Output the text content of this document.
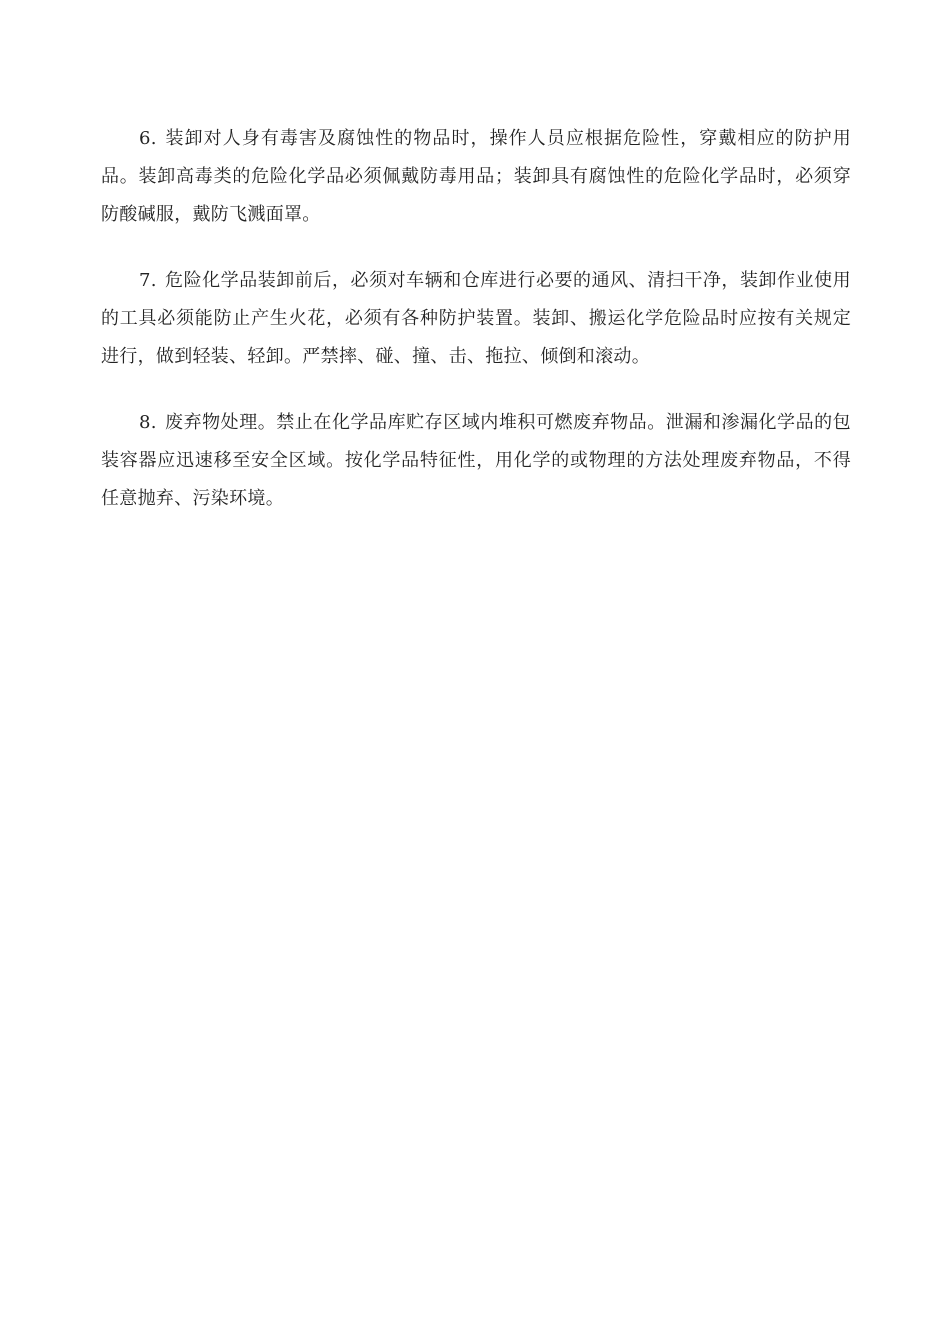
6. 装卸对人身有毒害及腐蚀性的物品时，操作人员应根据危险性，穿戴相应的防护用品。装卸高毒类的危险化学品必须佩戴防毒用品；装卸具有腐蚀性的危险化学品时，必须穿防酸碱服，戴防飞溅面罩。

7. 危险化学品装卸前后，必须对车辆和仓库进行必要的通风、清扫干净，装卸作业使用的工具必须能防止产生火花，必须有各种防护装置。装卸、搬运化学危险品时应按有关规定进行，做到轻装、轻卸。严禁摔、碰、撞、击、拖拉、倾倒和滚动。

8. 废弃物处理。禁止在化学品库贮存区域内堆积可燃废弃物品。泄漏和渗漏化学品的包装容器应迅速移至安全区域。按化学品特征性，用化学的或物理的方法处理废弃物品，不得任意抛弃、污染环境。
